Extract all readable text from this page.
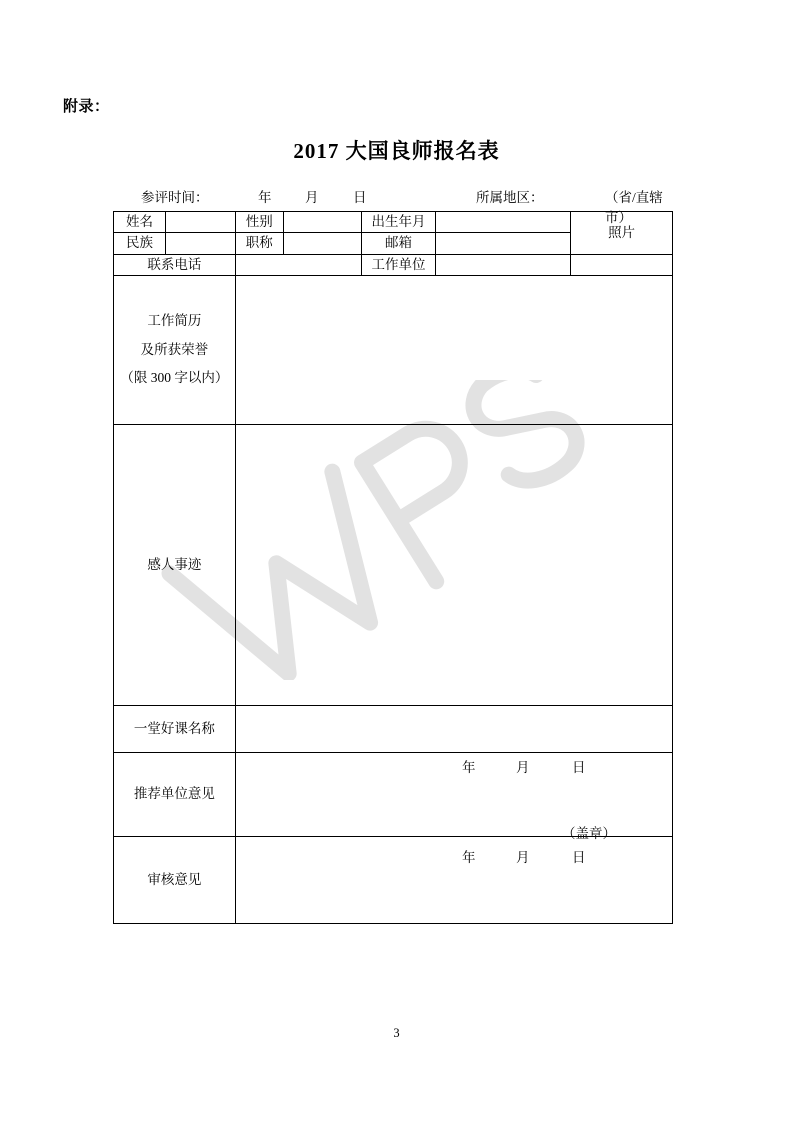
附录：
2017 大国良师报名表
参评时间：	年 月	日	所属地区：	（省/直辖市）
姓名		性别		出生年月		照片
民族		职称		邮箱		
联系电话				工作单位		

工作简历
及所获荣誉
（限 300 字以内）						

感人事迹						
一堂好课名称						
推荐单位意见		（盖章）
年 月 日				

审核意见		年 月 日				
3
